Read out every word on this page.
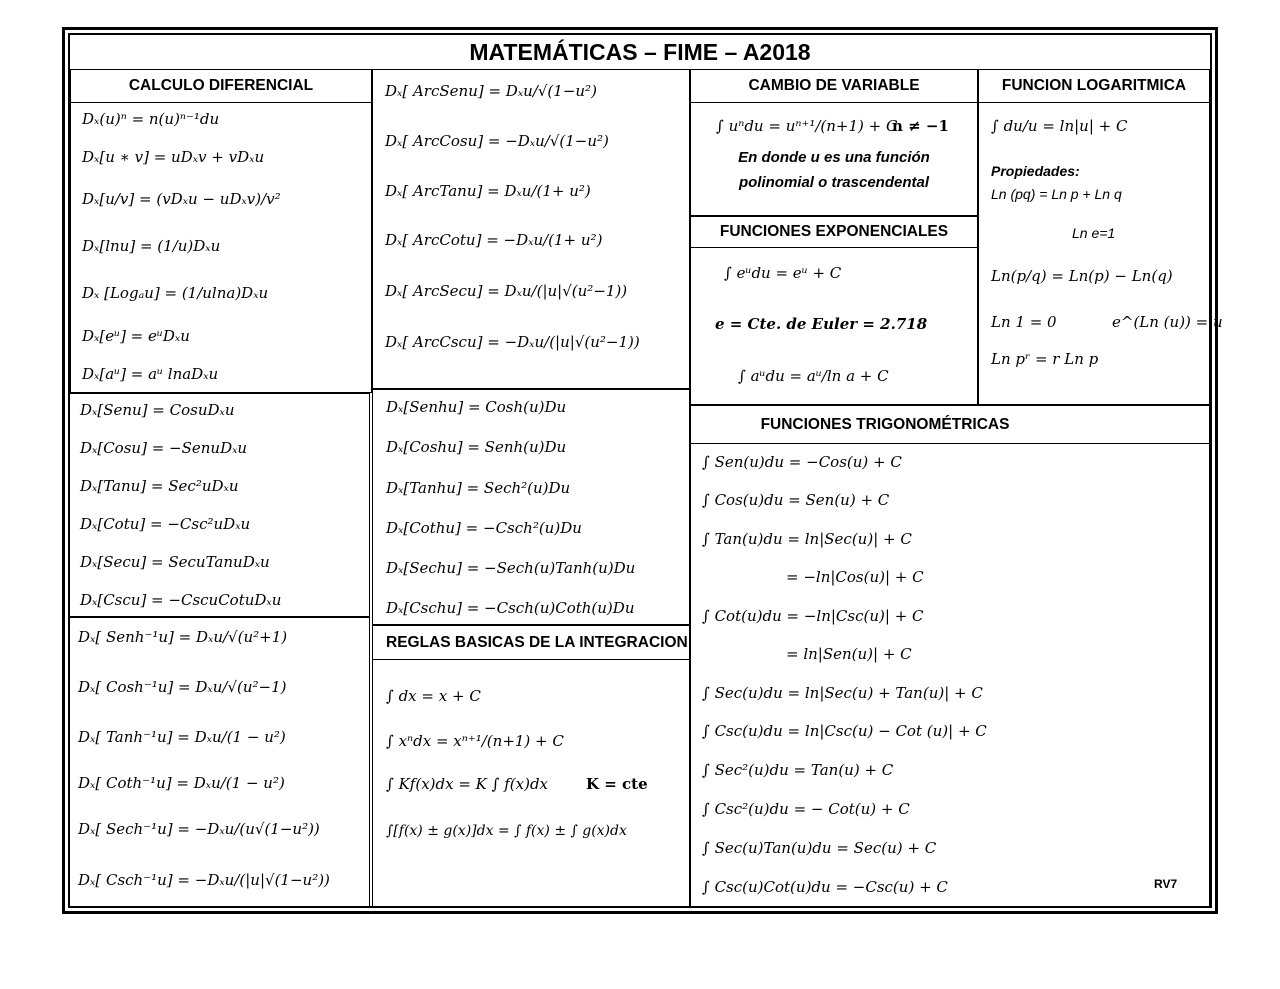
MATEMÁTICAS – FIME – A2018
CALCULO DIFERENCIAL
Dₓ(u)ⁿ = n(u)ⁿ⁻¹du
Dₓ[u ∗ v] = uDₓv + vDₓu
Dₓ[u/v] = (vDₓu − uDₓv)/v²
Dₓ[lnu] = (1/u)Dₓu
Dₓ [Logₐu] = (1/ulna)Dₓu
Dₓ[eᵘ] = eᵘDₓu
Dₓ[aᵘ] = aᵘ lnaDₓu
Dₓ[Senu] = CosuDₓu
Dₓ[Cosu] = −SenuDₓu
Dₓ[Tanu] = Sec²uDₓu
Dₓ[Cotu] = −Csc²uDₓu
Dₓ[Secu] = SecuTanuDₓu
Dₓ[Cscu] = −CscuCotuDₓu
Dₓ[ Senh⁻¹u] = Dₓu/√(u²+1)
Dₓ[ Cosh⁻¹u] = Dₓu/√(u²−1)
Dₓ[ Tanh⁻¹u] = Dₓu/(1 − u²)
Dₓ[ Coth⁻¹u] = Dₓu/(1 − u²)
Dₓ[ Sech⁻¹u] = −Dₓu/(u√(1−u²))
Dₓ[ Csch⁻¹u] = −Dₓu/(|u|√(1−u²))
Dₓ[ ArcSenu] = Dₓu/√(1−u²)
Dₓ[ ArcCosu] = −Dₓu/√(1−u²)
Dₓ[ ArcTanu] = Dₓu/(1+ u²)
Dₓ[ ArcCotu] = −Dₓu/(1+ u²)
Dₓ[ ArcSecu] = Dₓu/(|u|√(u²−1))
Dₓ[ ArcCscu] = −Dₓu/(|u|√(u²−1))
Dₓ[Senhu] = Cosh(u)Du
Dₓ[Coshu] = Senh(u)Du
Dₓ[Tanhu] = Sech²(u)Du
Dₓ[Cothu] = −Csch²(u)Du
Dₓ[Sechu] = −Sech(u)Tanh(u)Du
Dₓ[Cschu] = −Csch(u)Coth(u)Du
REGLAS BASICAS DE LA INTEGRACION
∫ dx = x + C
∫ xⁿdx = xⁿ⁺¹/(n+1) + C
∫ Kf(x)dx = K ∫ f(x)dx	K = cte
∫[f(x) ± g(x)]dx = ∫ f(x) ± ∫ g(x)dx
CAMBIO DE VARIABLE
∫ uⁿdu = uⁿ⁺¹/(n+1) + C
n ≠ −1
En donde u es una función
polinomial o trascendental
FUNCION LOGARITMICA
∫ du/u = ln|u| + C
Propiedades:
Ln (pq) = Ln p + Ln q
Ln e=1
Ln(p/q) = Ln(p) − Ln(q)
Ln 1 = 0	e^(Ln (u)) = u
Ln pʳ = r Ln p
FUNCIONES EXPONENCIALES
∫ eᵘdu = eᵘ + C
e = Cte. de Euler = 2.718
∫ aᵘdu = aᵘ/ln a + C
FUNCIONES TRIGONOMÉTRICAS
∫ Sen(u)du = −Cos(u) + C
∫ Cos(u)du = Sen(u) + C
∫ Tan(u)du = ln|Sec(u)| + C
= −ln|Cos(u)| + C
∫ Cot(u)du = −ln|Csc(u)| + C
= ln|Sen(u)| + C
∫ Sec(u)du = ln|Sec(u) + Tan(u)| + C
∫ Csc(u)du = ln|Csc(u) − Cot (u)| + C
∫ Sec²(u)du = Tan(u) + C
∫ Csc²(u)du = − Cot(u) + C
∫ Sec(u)Tan(u)du = Sec(u) + C
∫ Csc(u)Cot(u)du = −Csc(u) + C	RV7
